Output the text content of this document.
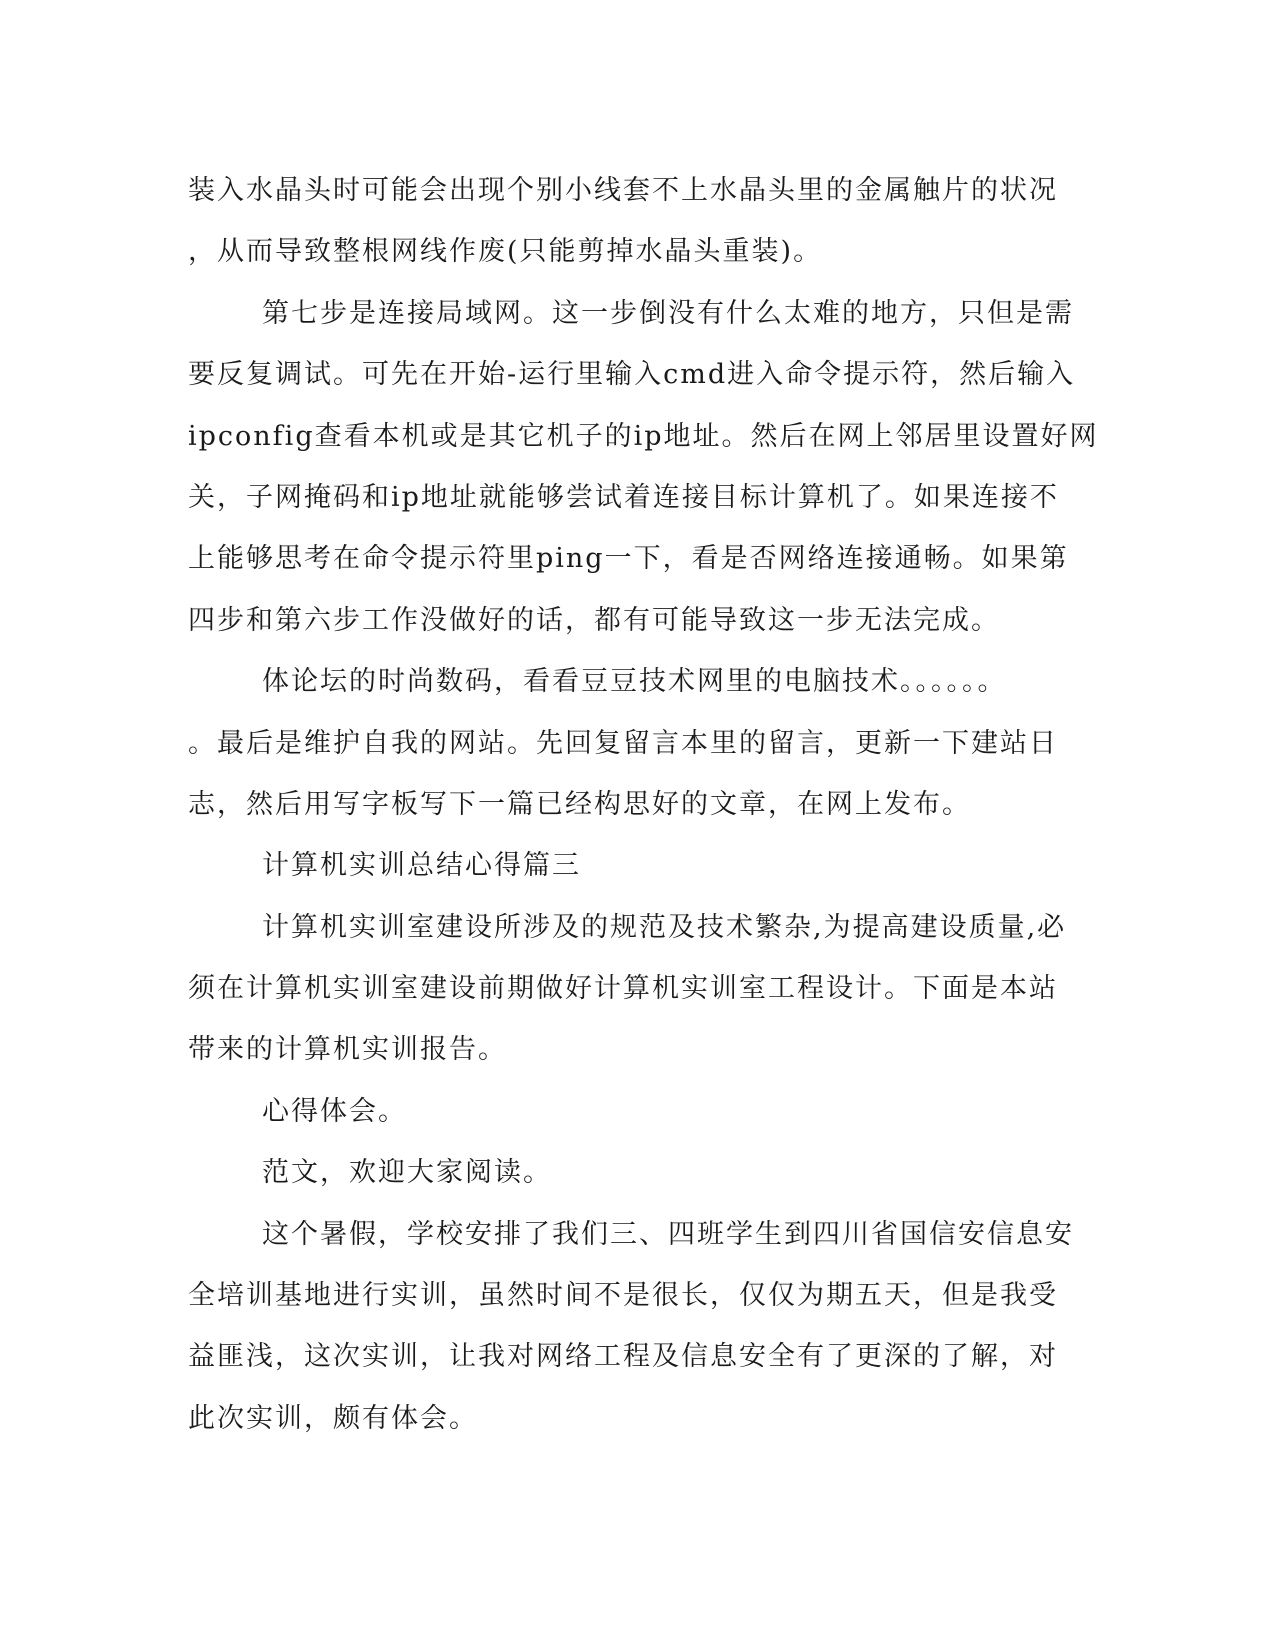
装入水晶头时可能会出现个别小线套不上水晶头里的金属触片的状况
，从而导致整根网线作废(只能剪掉水晶头重装)。
第七步是连接局域网。这一步倒没有什么太难的地方，只但是需
要反复调试。可先在开始-运行里输入cmd进入命令提示符，然后输入
ipconfig查看本机或是其它机子的ip地址。然后在网上邻居里设置好网
关，子网掩码和ip地址就能够尝试着连接目标计算机了。如果连接不
上能够思考在命令提示符里ping一下，看是否网络连接通畅。如果第
四步和第六步工作没做好的话，都有可能导致这一步无法完成。
体论坛的时尚数码，看看豆豆技术网里的电脑技术。。。。。。
。最后是维护自我的网站。先回复留言本里的留言，更新一下建站日
志，然后用写字板写下一篇已经构思好的文章，在网上发布。
计算机实训总结心得篇三
计算机实训室建设所涉及的规范及技术繁杂,为提高建设质量,必
须在计算机实训室建设前期做好计算机实训室工程设计。下面是本站
带来的计算机实训报告。
心得体会。
范文，欢迎大家阅读。
这个暑假，学校安排了我们三、四班学生到四川省国信安信息安
全培训基地进行实训，虽然时间不是很长，仅仅为期五天，但是我受
益匪浅，这次实训，让我对网络工程及信息安全有了更深的了解，对
此次实训，颇有体会。
